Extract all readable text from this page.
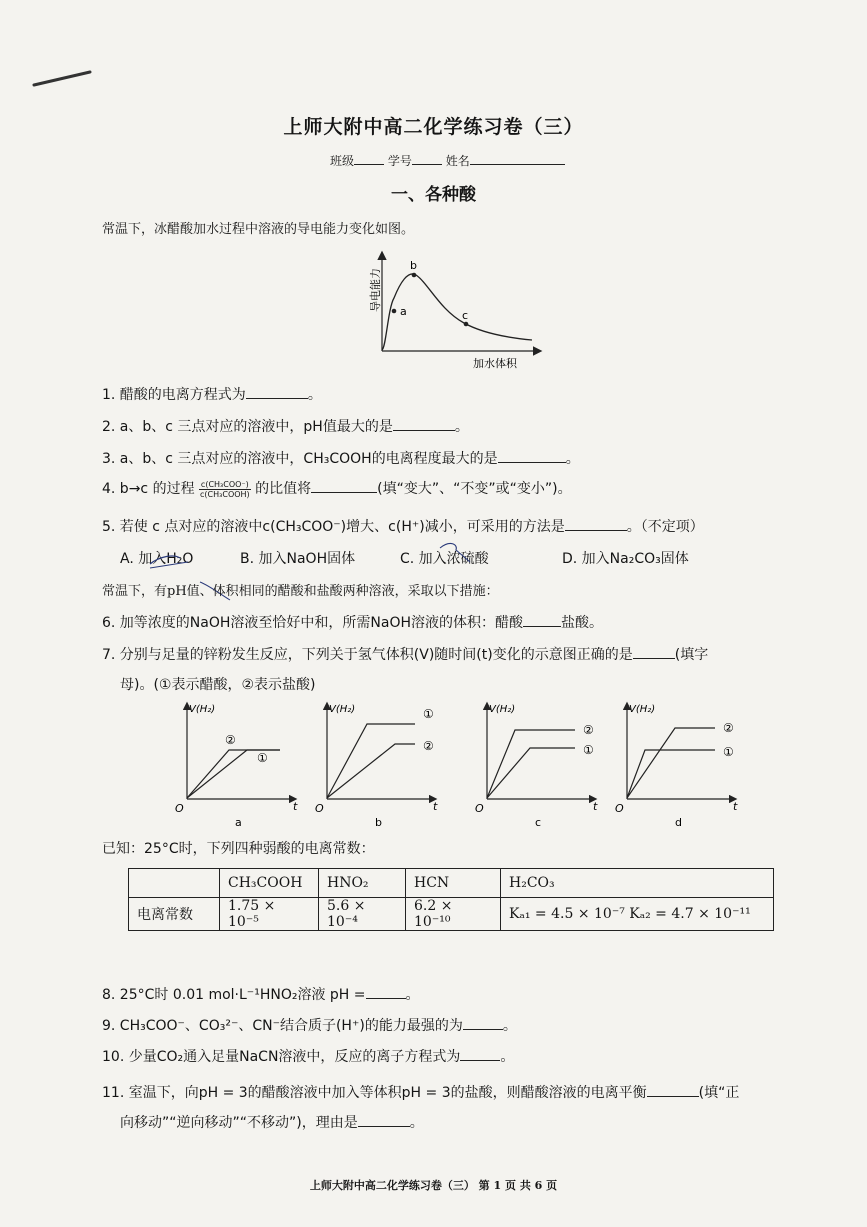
上师大附中高二化学练习卷（三）
班级	学号	姓名
一、各种酸
常温下，冰醋酸加水过程中溶液的导电能力变化如图。
a
b
c
导电能力
加水体积
1. 醋酸的电离方程式为	。
2. a、b、c 三点对应的溶液中，pH值最大的是	。
3. a、b、c 三点对应的溶液中，CH₃COOH的电离程度最大的是	。
4. b→c 的过程 $\frac{\text{c(CH₃COO⁻)}}{\text{c(CH₃COOH)}}$ 的比值将	(填“变大”、“不变”或“变小”)。
5. 若使 c 点对应的溶液中c(CH₃COO⁻)增大、c(H⁺)减小，可采用的方法是	。（不定项）
A. 加入H₂O	B. 加入NaOH固体	C. 加入浓硫酸	D. 加入Na₂CO₃固体
常温下，有pH值、体积相同的醋酸和盐酸两种溶液，采取以下措施：
6. 加等浓度的NaOH溶液至恰好中和，所需NaOH溶液的体积：醋酸	盐酸。
7. 分别与足量的锌粉发生反应，下列关于氢气体积(V)随时间(t)变化的示意图正确的是	(填字
母)。(①表示醋酸，②表示盐酸)
①
②
V(H₂)
t
O
a
①
②
V(H₂)
t
O
b
①
②
V(H₂)
t
O
c
①
②
V(H₂)
t
O
d
已知：25°C时，下列四种弱酸的电离常数：
	CH₃COOH	HNO₂	HCN	H₂CO₃
电离常数	1.75 × 10⁻⁵	5.6 × 10⁻⁴	6.2 × 10⁻¹⁰	Kₐ₁ = 4.5 × 10⁻⁷ Kₐ₂ = 4.7 × 10⁻¹¹
8. 25°C时 0.01 mol·L⁻¹HNO₂溶液 pH =	。
9. CH₃COO⁻、CO₃²⁻、CN⁻结合质子(H⁺)的能力最强的为	。
10. 少量CO₂通入足量NaCN溶液中，反应的离子方程式为	。
11. 室温下，向pH = 3的醋酸溶液中加入等体积pH = 3的盐酸，则醋酸溶液的电离平衡	(填“正
向移动”“逆向移动”“不移动”)，理由是	。
上师大附中高二化学练习卷（三） 第 1 页 共 6 页
